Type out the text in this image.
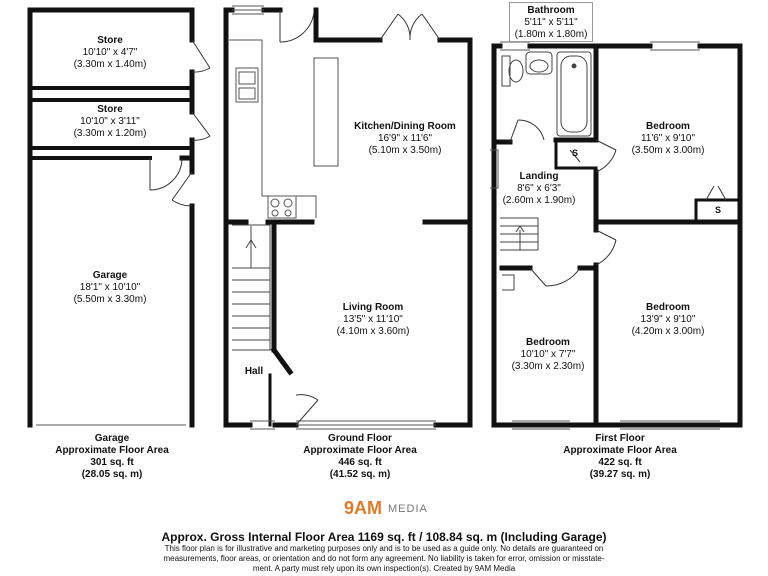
Store
10'10" x 4'7"
(3.30m x 1.40m)
Store
10'10" x 3'11"
(3.30m x 1.20m)
Garage
18'1" x 10'10"
(5.50m x 3.30m)
Kitchen/Dining Room
16'9" x 11'6"
(5.10m x 3.50m)
Living Room
13'5" x 11'10"
(4.10m x 3.60m)
Hall
Bathroom
5'11" x 5'11" (1.80m x 1.80m)
Landing
8'6" x 6'3"
(2.60m x 1.90m)
Bedroom
11'6" x 9'10"
(3.50m x 3.00m)
Bedroom
13'9" x 9'10"
(4.20m x 3.00m)
Bedroom
10'10" x 7'7"
(3.30m x 2.30m)
S
S
Garage
Approximate Floor Area
301 sq. ft
(28.05 sq. m)
Ground Floor
Approximate Floor Area
446 sq. ft
(41.52 sq. m)
First Floor
Approximate Floor Area
422 sq. ft
(39.27 sq. m)
9AM MEDIA
Approx. Gross Internal Floor Area 1169 sq. ft / 108.84 sq. m (Including Garage)
This floor plan is for illustrative and marketing purposes only and is to be used as a guide only. No details are guaranteed on
measurements, floor areas, or orientation and do not form any agreement. No liability is taken for error, omission or misstate-
ment. A party must rely upon its own inspection(s). Created by 9AM Media
